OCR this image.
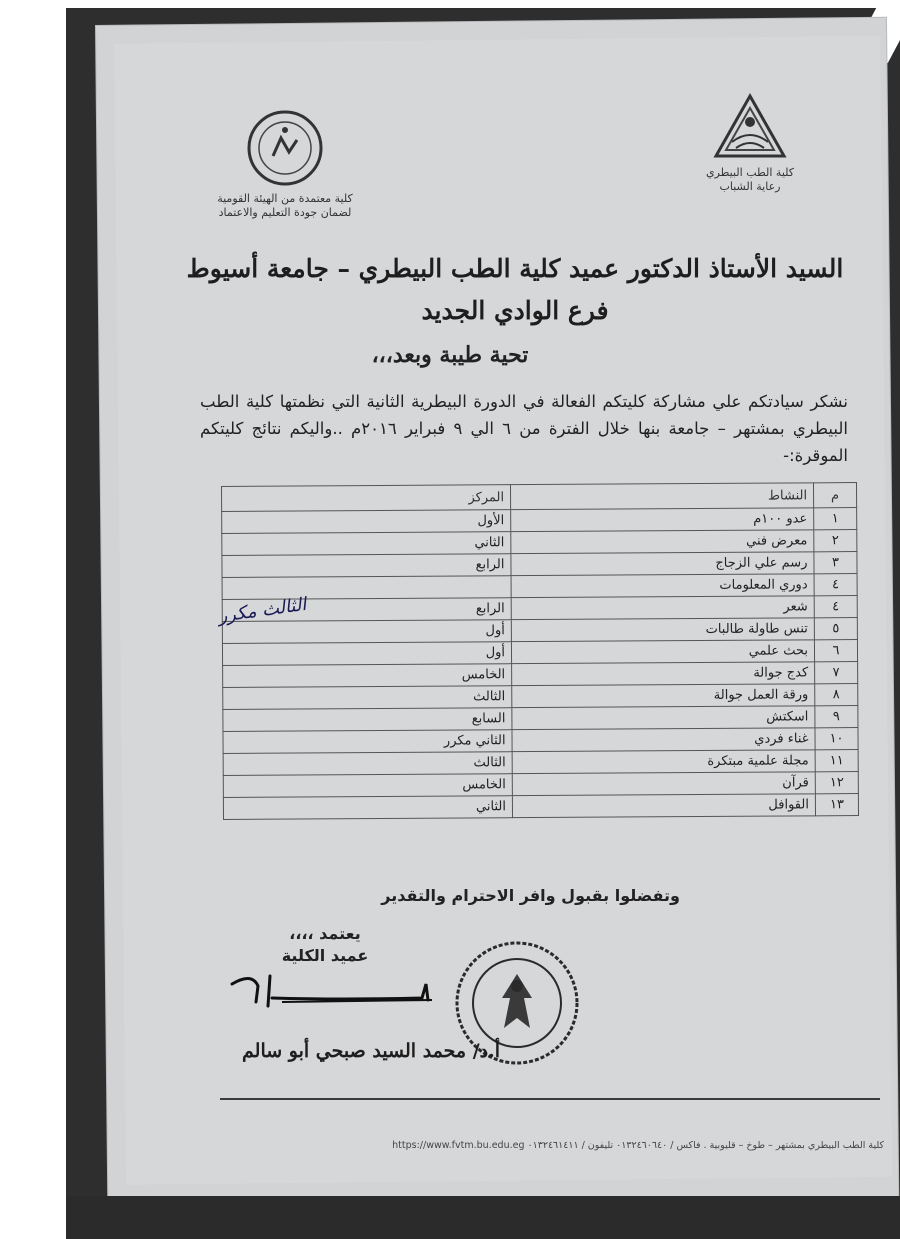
كلية الطب البيطري
رعاية الشباب
كلية معتمدة من الهيئة القومية
لضمان جودة التعليم والاعتماد
السيد الأستاذ الدكتور عميد كلية الطب البيطري – جامعة أسيوط فرع الوادي الجديد
تحية طيبة وبعد،،،
نشكر سيادتكم علي مشاركة كليتكم الفعالة في الدورة البيطرية الثانية التي نظمتها كلية الطب البيطري بمشتهر – جامعة بنها خلال الفترة من ٦ الي ٩ فبراير ٢٠١٦م ..واليكم نتائج كليتكم الموقرة:-
م	النشاط	المركز
١	عدو ١٠٠م	الأول
٢	معرض فني	الثاني
٣	رسم علي الزجاج	الرابع
٤	دوري المعلومات	
٤	شعر	الرابع
٥	تنس طاولة طالبات	أول
٦	بحث علمي	أول
٧	كدج جوالة	الخامس
٨	ورقة العمل جوالة	الثالث
٩	اسكتش	السابع
١٠	غناء فردي	الثاني مكرر
١١	مجلة علمية مبتكرة	الثالث
١٢	قرآن	الخامس
١٣	القوافل	الثاني
الثالث مكرر
وتفضلوا بقبول وافر الاحترام والتقدير
يعتمد ،،،،
عميد الكلية
أ.د/ محمد السيد صبحي أبو سالم
كلية الطب البيطري بمشتهر – طوخ – قليوبية . فاكس / ٠١٣٢٤٦٠٦٤٠ تليفون / ٠١٣٢٤٦١٤١١ https://www.fvtm.bu.edu.eg
